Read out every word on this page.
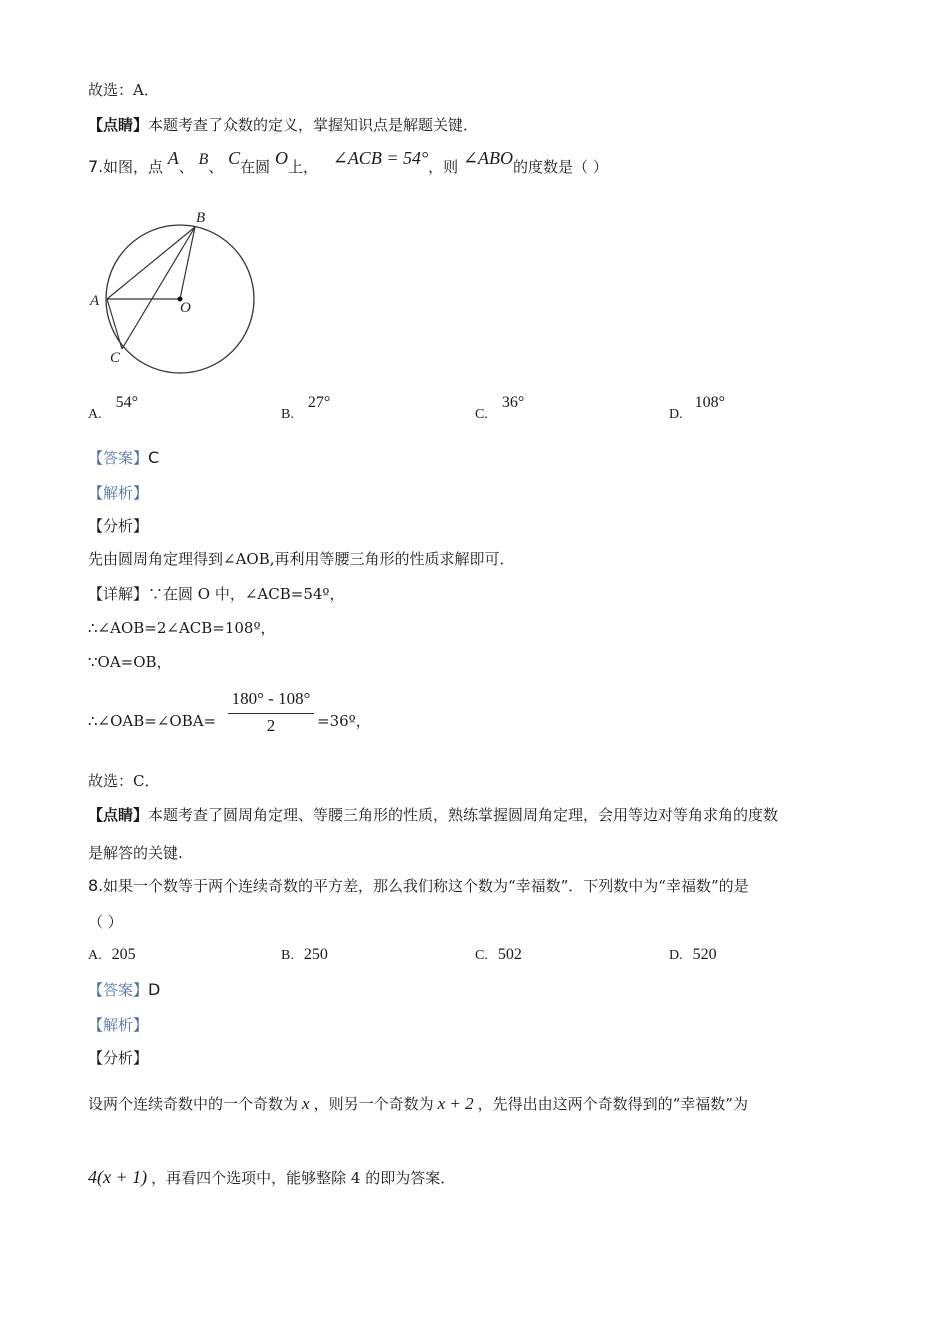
故选：A．
【点睛】本题考查了众数的定义，掌握知识点是解题关键．
7.如图，点 A、 B、 C在圆 O上， ∠ACB = 54°，则 ∠ABO的度数是（ ）
B
A	O
C
A.54°
B.27°
C.36°
D.108°
【答案】C
【解析】
【分析】
先由圆周角定理得到∠AOB,再利用等腰三角形的性质求解即可．
【详解】∵在圆 O 中，∠ACB=54º，
∴∠AOB=2∠ACB=108º，
∵OA=OB，
∴∠OAB=∠OBA=
180° - 108°
2	=36º，
故选：C．
【点睛】本题考查了圆周角定理、等腰三角形的性质，熟练掌握圆周角定理，会用等边对等角求角的度数
是解答的关键.
8.如果一个数等于两个连续奇数的平方差，那么我们称这个数为“幸福数”．下列数中为“幸福数”的是
（ ）
A. 205	B. 250	C. 502	D. 520
【答案】D
【解析】
【分析】
设两个连续奇数中的一个奇数为 x ，则另一个奇数为 x + 2 ，先得出由这两个奇数得到的“幸福数”为
4(x + 1) ，再看四个选项中，能够整除 4 的即为答案．
